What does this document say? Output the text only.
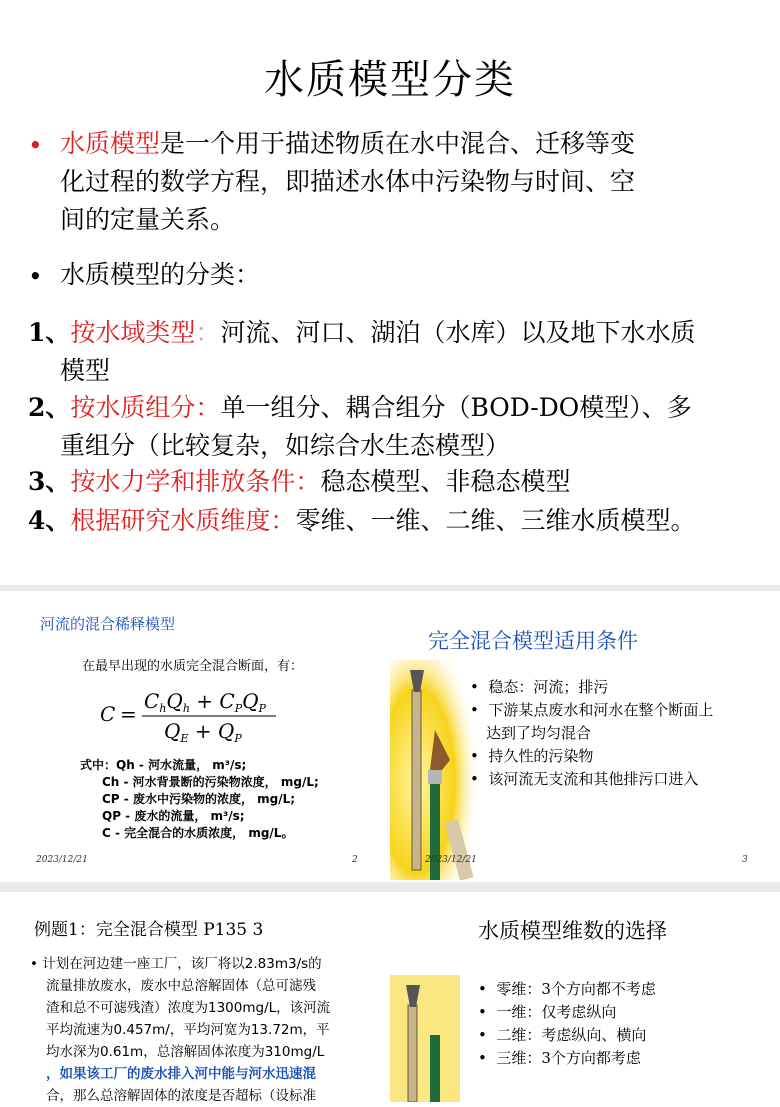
水质模型分类
• 水质模型是一个用于描述物质在水中混合、迁移等变
化过程的数学方程，即描述水体中污染物与时间、空
间的定量关系。
• 水质模型的分类：
1、按水域类型：河流、河口、湖泊（水库）以及地下水水质
模型
2、按水质组分：单一组分、耦合组分（BOD-DO模型）、多
重组分（比较复杂，如综合水生态模型）
3、按水力学和排放条件：稳态模型、非稳态模型
4、根据研究水质维度：零维、一维、二维、三维水质模型。
河流的混合稀释模型
在最早出现的水质完全混合断面，有：
C =
$C_hQ_h + C_PQ_P$
$Q_E + Q_P$
式中：Qh - 河水流量， m³/s;
Ch - 河水背景断的污染物浓度， mg/L;
CP - 废水中污染物的浓度， mg/L;
QP - 废水的流量， m³/s;
C - 完全混合的水质浓度， mg/L。
2023/12/21	2
完全混合模型适用条件
•  稳态：河流；排污
•  下游某点废水和河水在整个断面上
达到了均匀混合
•  持久性的污染物
•  该河流无支流和其他排污口进入
2023/12/21	3
例题1：完全混合模型 P135 3
• 计划在河边建一座工厂，该厂将以2.83m3/s的
流量排放废水，废水中总溶解固体（总可滤残
渣和总不可滤残渣）浓度为1300mg/L，该河流
平均流速为0.457m/，平均河宽为13.72m，平
均水深为0.61m，总溶解固体浓度为310mg/L
，如果该工厂的废水排入河中能与河水迅速混
合，那么总溶解固体的浓度是否超标（设标准
水质模型维数的选择
•  零维：3个方向都不考虑
•  一维：仅考虑纵向
•  二维：考虑纵向、横向
•  三维：3个方向都考虑
